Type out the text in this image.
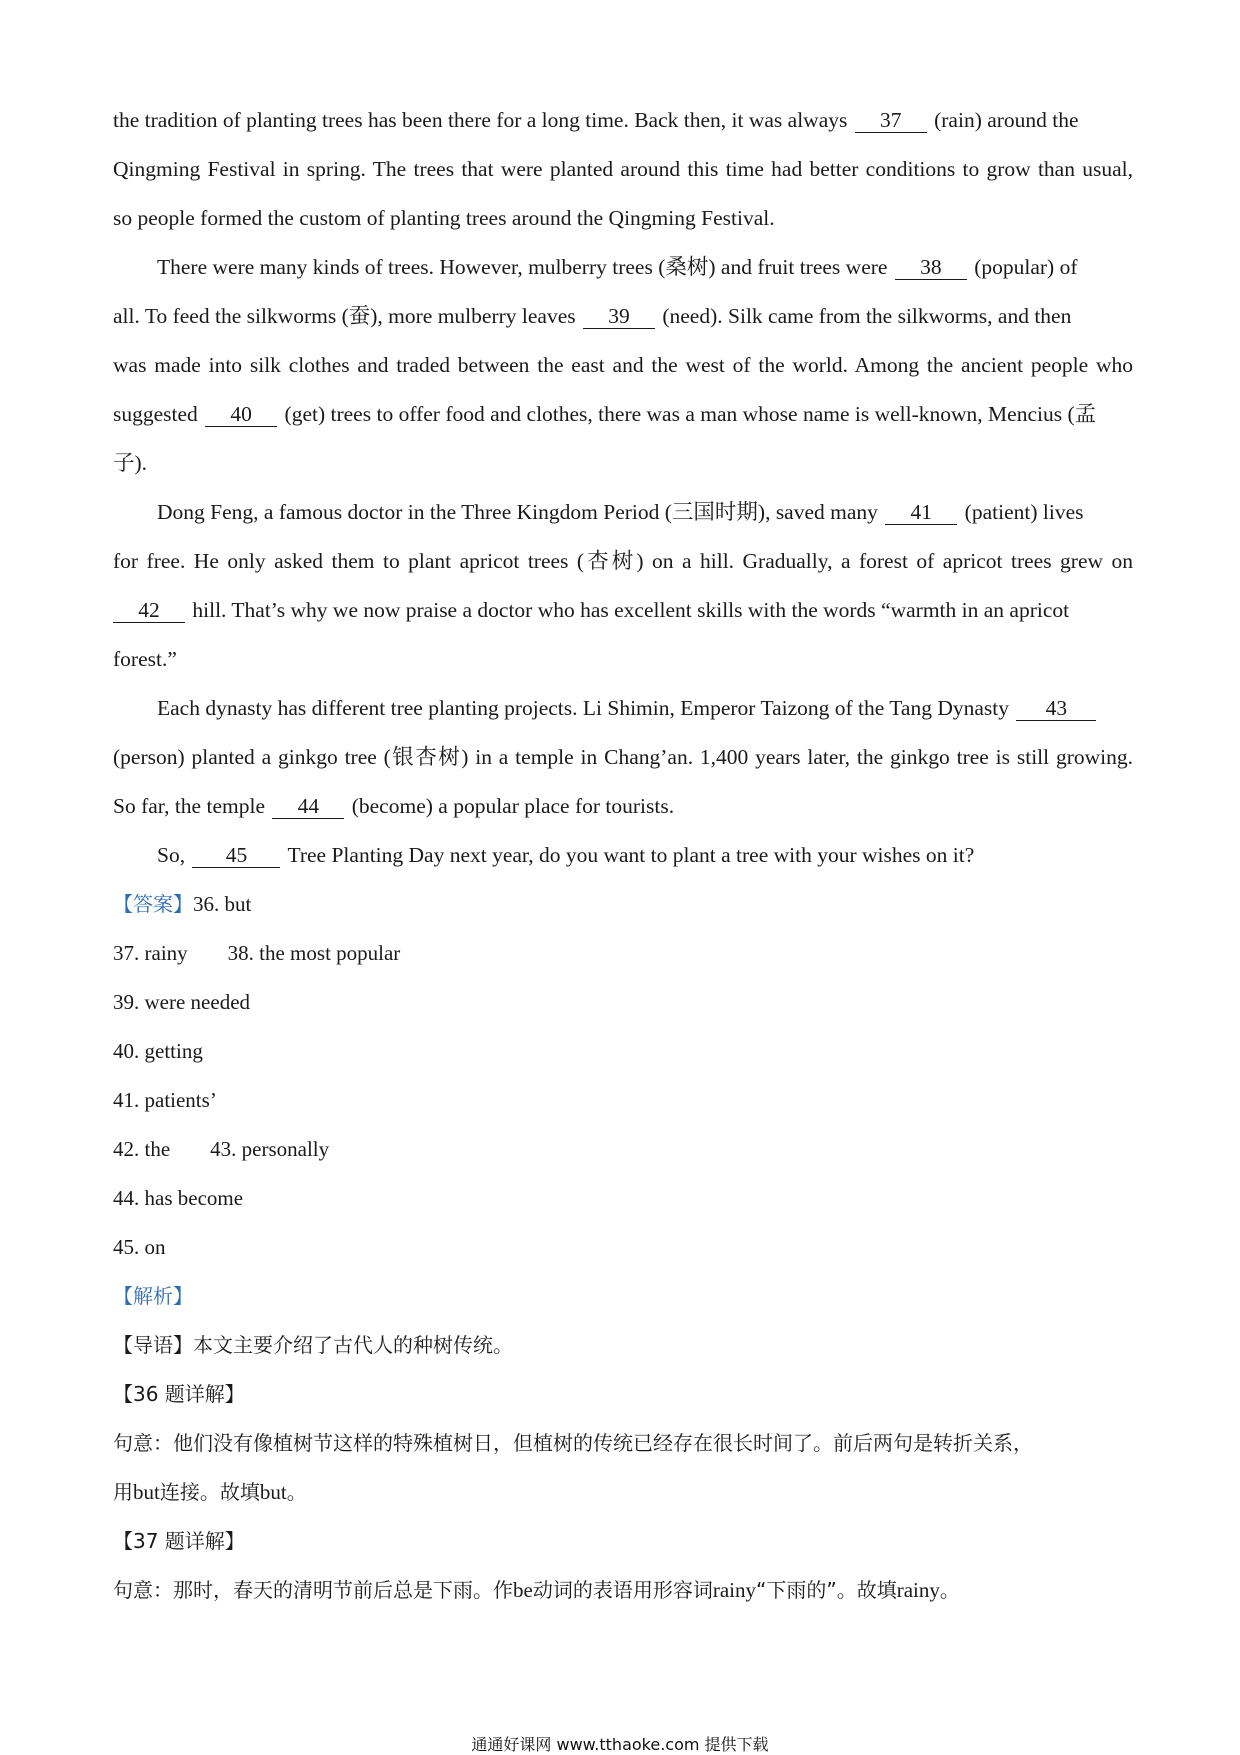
the tradition of planting trees has been there for a long time. Back then, it was always 37 (rain) around the
Qingming Festival in spring. The trees that were planted around this time had better conditions to grow than usual,
so people formed the custom of planting trees around the Qingming Festival.
There were many kinds of trees. However, mulberry trees (桑树) and fruit trees were 38 (popular) of
all. To feed the silkworms (蚕), more mulberry leaves 39 (need). Silk came from the silkworms, and then
was made into silk clothes and traded between the east and the west of the world. Among the ancient people who
suggested 40 (get) trees to offer food and clothes, there was a man whose name is well-known, Mencius (孟
子).
Dong Feng, a famous doctor in the Three Kingdom Period (三国时期), saved many 41 (patient) lives
for free. He only asked them to plant apricot trees (杏树) on a hill. Gradually, a forest of apricot trees grew on
42 hill. That’s why we now praise a doctor who has excellent skills with the words “warmth in an apricot
forest.”
Each dynasty has different tree planting projects. Li Shimin, Emperor Taizong of the Tang Dynasty 43
(person) planted a ginkgo tree (银杏树) in a temple in Chang’an. 1,400 years later, the ginkgo tree is still growing.
So far, the temple 44 (become) a popular place for tourists.
So, 45 Tree Planting Day next year, do you want to plant a tree with your wishes on it?
【答案】36. but
37. rainy 38. the most popular
39. were needed
40. getting
41. patients’
42. the 43. personally
44. has become
45. on
【解析】
【导语】本文主要介绍了古代人的种树传统。
【36 题详解】
句意：他们没有像植树节这样的特殊植树日，但植树的传统已经存在很长时间了。前后两句是转折关系，
用but连接。故填but。
【37 题详解】
句意：那时，春天的清明节前后总是下雨。作be动词的表语用形容词rainy“下雨的”。故填rainy。
通通好课网 www.tthaoke.com 提供下载
